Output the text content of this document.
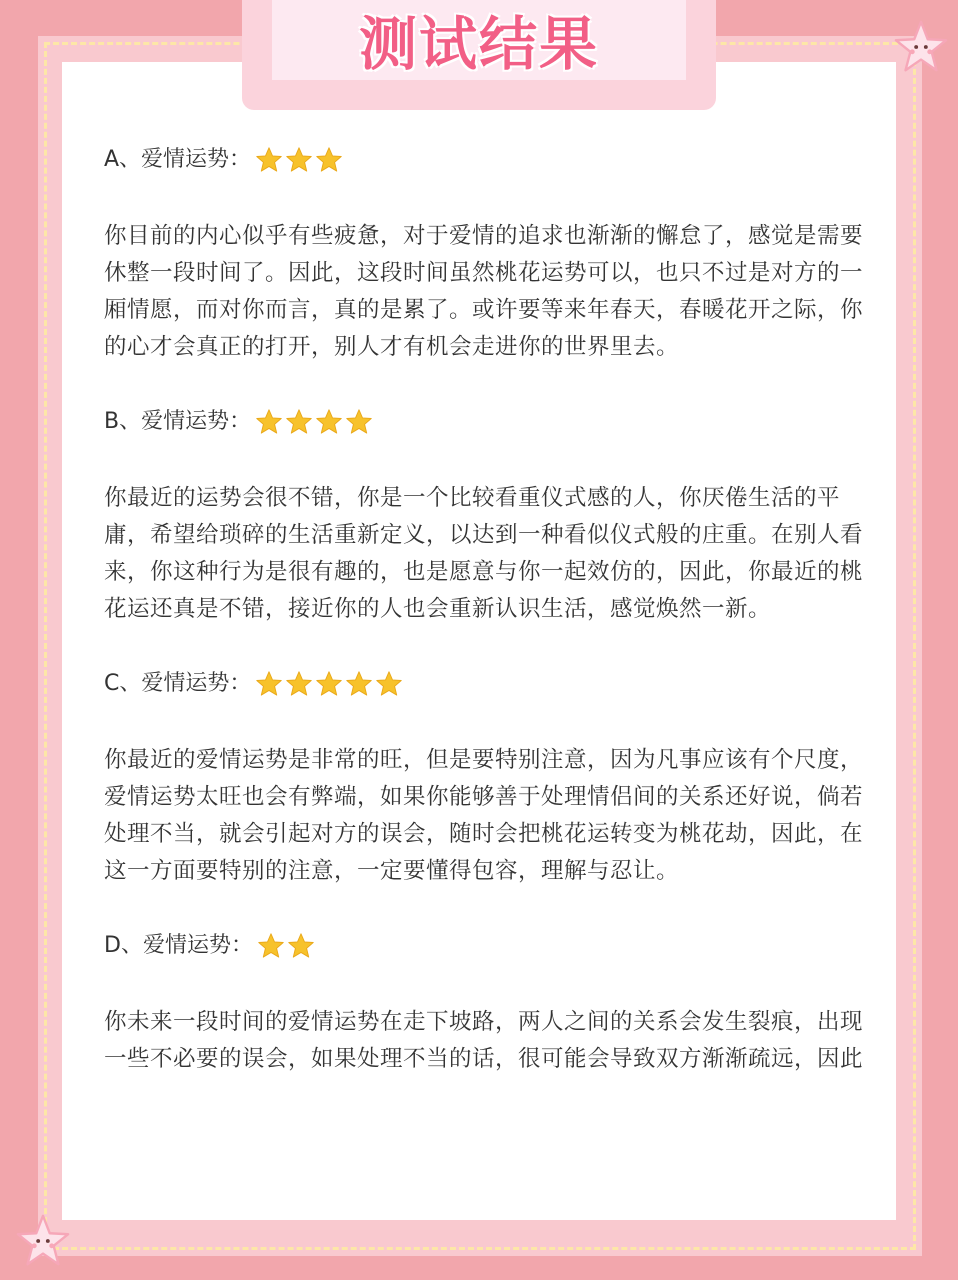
测试结果
A、爱情运势：

你目前的内心似乎有些疲惫，对于爱情的追求也渐渐的懈怠了，感觉是需要休整一段时间了。因此，这段时间虽然桃花运势可以，也只不过是对方的一厢情愿，而对你而言，真的是累了。或许要等来年春天，春暖花开之际，你的心才会真正的打开，别人才有机会走进你的世界里去。

B、爱情运势：

你最近的运势会很不错，你是一个比较看重仪式感的人，你厌倦生活的平庸，希望给琐碎的生活重新定义，以达到一种看似仪式般的庄重。在别人看来，你这种行为是很有趣的，也是愿意与你一起效仿的，因此，你最近的桃花运还真是不错，接近你的人也会重新认识生活，感觉焕然一新。

C、爱情运势：

你最近的爱情运势是非常的旺，但是要特别注意，因为凡事应该有个尺度，爱情运势太旺也会有弊端，如果你能够善于处理情侣间的关系还好说，倘若处理不当，就会引起对方的误会，随时会把桃花运转变为桃花劫，因此，在这一方面要特别的注意，一定要懂得包容，理解与忍让。

D、爱情运势：

你未来一段时间的爱情运势在走下坡路，两人之间的关系会发生裂痕，出现一些不必要的误会，如果处理不当的话，很可能会导致双方渐渐疏远，因此
